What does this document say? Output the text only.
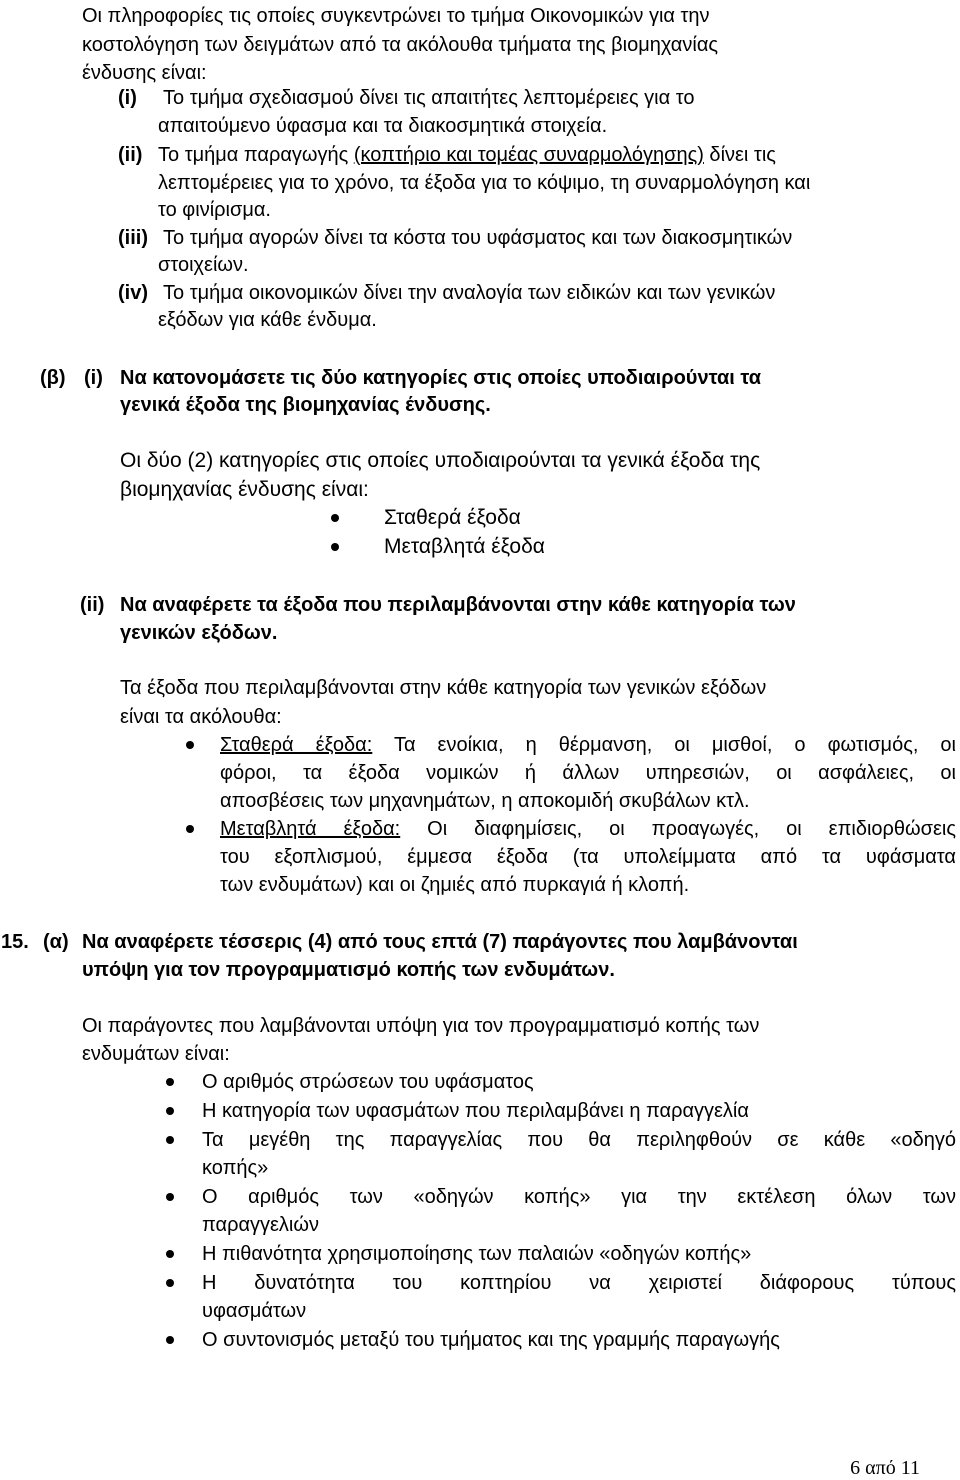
Οι πληροφορίες τις οποίες συγκεντρώνει το τμήμα Οικονομικών για την
κοστολόγηση των δειγμάτων από τα ακόλουθα τμήματα της βιομηχανίας
ένδυσης είναι:
(i) Το τμήμα σχεδιασμού δίνει τις απαιτήτες λεπτομέρειες για το
απαιτούμενο ύφασμα και τα διακοσμητικά στοιχεία.
(ii) Το τμήμα παραγωγής (κοπτήριο και τομέας συναρμολόγησης) δίνει τις
λεπτομέρειες για το χρόνο, τα έξοδα για το κόψιμο, τη συναρμολόγηση και
το φινίρισμα.
(iii) Το τμήμα αγορών δίνει τα κόστα του υφάσματος και των διακοσμητικών
στοιχείων.
(iv) Το τμήμα οικονομικών δίνει την αναλογία των ειδικών και των γενικών
εξόδων για κάθε ένδυμα.
(β) (i) Να κατονομάσετε τις δύο κατηγορίες στις οποίες υποδιαιρούνται τα
γενικά έξοδα της βιομηχανίας ένδυσης.
Οι δύο (2) κατηγορίες στις οποίες υποδιαιρούνται τα γενικά έξοδα της
βιομηχανίας ένδυσης είναι:
Σταθερά έξοδα
Μεταβλητά έξοδα
(ii) Να αναφέρετε τα έξοδα που περιλαμβάνονται στην κάθε κατηγορία των
γενικών εξόδων.
Τα έξοδα που περιλαμβάνονται στην κάθε κατηγορία των γενικών εξόδων
είναι τα ακόλουθα:
Σταθερά έξοδα: Τα ενοίκια, η θέρμανση, οι μισθοί, ο φωτισμός, οι
φόροι, τα έξοδα νομικών ή άλλων υπηρεσιών, οι ασφάλειες, οι
αποσβέσεις των μηχανημάτων, η αποκομιδή σκυβάλων κτλ.
Μεταβλητά έξοδα: Οι διαφημίσεις, οι προαγωγές, οι επιδιορθώσεις
του εξοπλισμού, έμμεσα έξοδα (τα υπολείμματα από τα υφάσματα
των ενδυμάτων) και οι ζημιές από πυρκαγιά ή κλοπή.
15. (α) Να αναφέρετε τέσσερις (4) από τους επτά (7) παράγοντες που λαμβάνονται
υπόψη για τον προγραμματισμό κοπής των ενδυμάτων.
Οι παράγοντες που λαμβάνονται υπόψη για τον προγραμματισμό κοπής των
ενδυμάτων είναι:
Ο αριθμός στρώσεων του υφάσματος
Η κατηγορία των υφασμάτων που περιλαμβάνει η παραγγελία
Τα μεγέθη της παραγγελίας που θα περιληφθούν σε κάθε «οδηγό
κοπής»
Ο αριθμός των «οδηγών κοπής» για την εκτέλεση όλων των
παραγγελιών
Η πιθανότητα χρησιμοποίησης των παλαιών «οδηγών κοπής»
Η δυνατότητα του κοπτηρίου να χειριστεί διάφορους τύπους
υφασμάτων
Ο συντονισμός μεταξύ του τμήματος και της γραμμής παραγωγής
6 από 11
